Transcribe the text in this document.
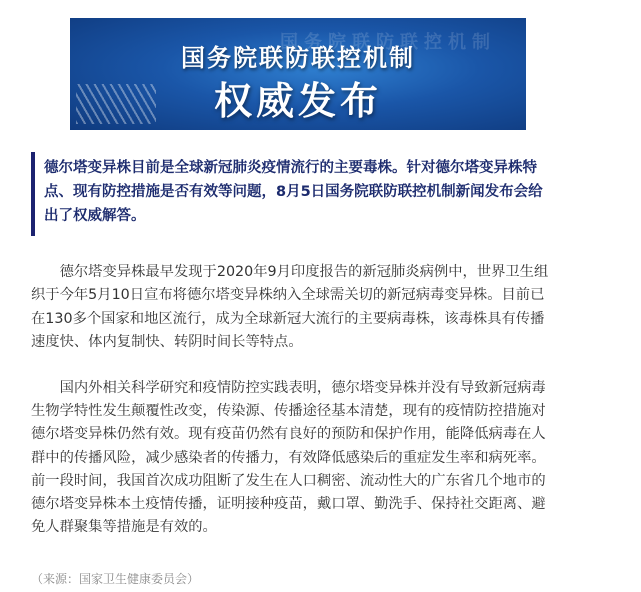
国务院联防联控机制
国务院联防联控机制
权威发布
德尔塔变异株目前是全球新冠肺炎疫情流行的主要毒株。针对德尔塔变异株特
点、现有防控措施是否有效等问题，8月5日国务院联防联控机制新闻发布会给
出了权威解答。
　　德尔塔变异株最早发现于2020年9月印度报告的新冠肺炎病例中，世界卫生组
织于今年5月10日宣布将德尔塔变异株纳入全球需关切的新冠病毒变异株。目前已
在130多个国家和地区流行，成为全球新冠大流行的主要病毒株，该毒株具有传播
速度快、体内复制快、转阴时间长等特点。
　　国内外相关科学研究和疫情防控实践表明，德尔塔变异株并没有导致新冠病毒
生物学特性发生颠覆性改变，传染源、传播途径基本清楚，现有的疫情防控措施对
德尔塔变异株仍然有效。现有疫苗仍然有良好的预防和保护作用，能降低病毒在人
群中的传播风险，减少感染者的传播力，有效降低感染后的重症发生率和病死率。
前一段时间，我国首次成功阻断了发生在人口稠密、流动性大的广东省几个地市的
德尔塔变异株本土疫情传播，证明接种疫苗，戴口罩、勤洗手、保持社交距离、避
免人群聚集等措施是有效的。
（来源：国家卫生健康委员会）
